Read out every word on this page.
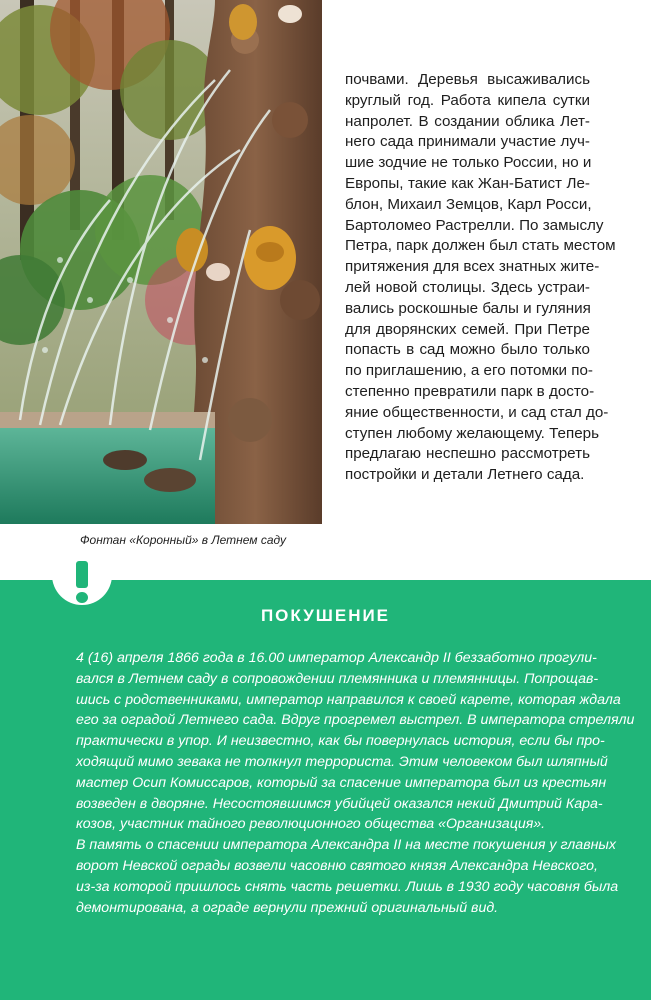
Фонтан «Коронный» в Летнем саду
почвами. Деревья высаживались
круглый год. Работа кипела сутки
напролет. В создании облика Лет-
него сада принимали участие луч-
шие зодчие не только России, но и
Европы, такие как Жан-Батист Ле-
блон, Михаил Земцов, Карл Росси,
Бартоломео Растрелли. По замыслу
Петра, парк должен был стать местом
притяжения для всех знатных жите-
лей новой столицы. Здесь устраи-
вались роскошные балы и гуляния
для дворянских семей. При Петре
попасть в сад можно было только
по приглашению, а его потомки по-
степенно превратили парк в досто-
яние общественности, и сад стал до-
ступен любому желающему. Теперь
предлагаю неспешно рассмотреть
постройки и детали Летнего сада.
ПОКУШЕНИЕ
4 (16) апреля 1866 года в 16.00 император Александр II беззаботно прогули-
вался в Летнем саду в сопровождении племянника и племянницы. Попрощав-
шись с родственниками, император направился к своей карете, которая ждала
его за оградой Летнего сада. Вдруг прогремел выстрел. В императора стреляли
практически в упор. И неизвестно, как бы повернулась история, если бы про-
ходящий мимо зевака не толкнул террориста. Этим человеком был шляпный
мастер Осип Комиссаров, который за спасение императора был из крестьян
возведен в дворяне. Несостоявшимся убийцей оказался некий Дмитрий Кара-
козов, участник тайного революционного общества «Организация».
В память о спасении императора Александра II на месте покушения у главных
ворот Невской ограды возвели часовню святого князя Александра Невского,
из-за которой пришлось снять часть решетки. Лишь в 1930 году часовня была
демонтирована, а ограде вернули прежний оригинальный вид.
